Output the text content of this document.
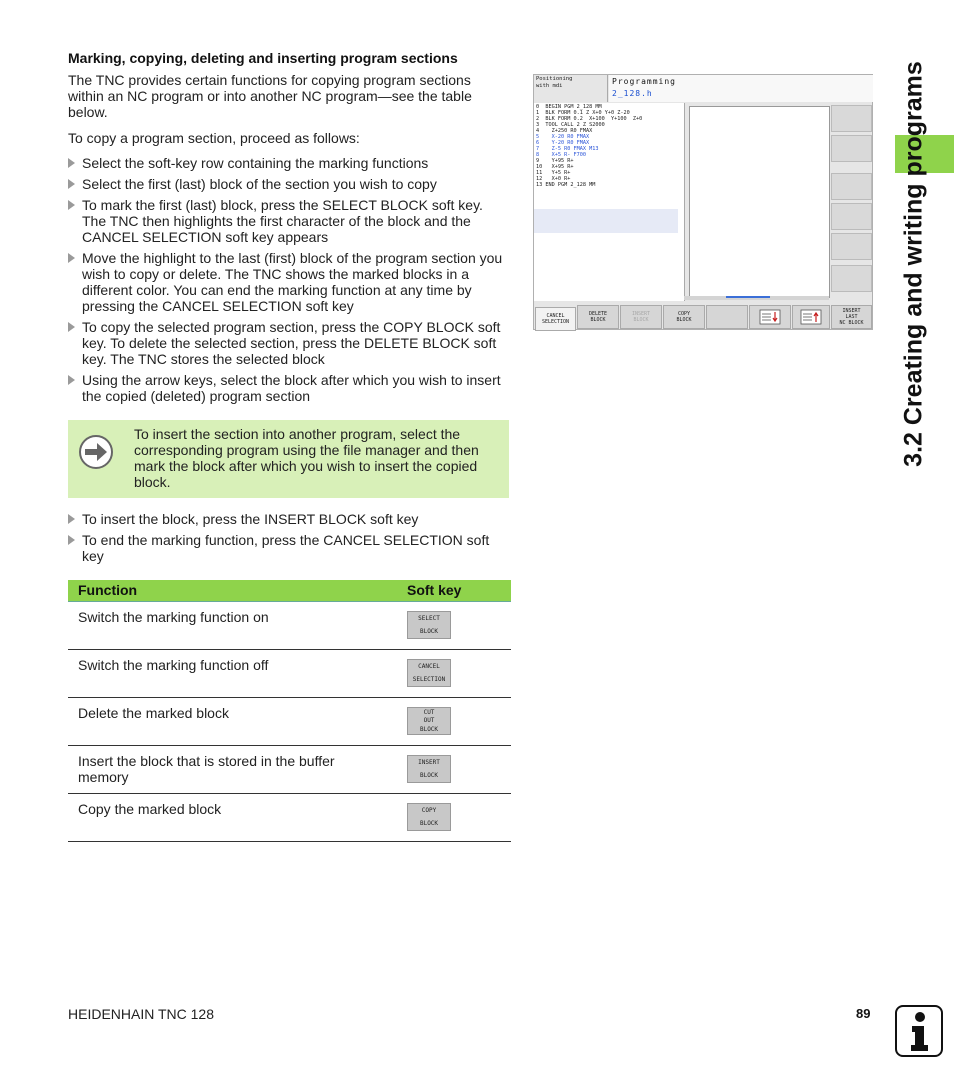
Marking, copying, deleting and inserting program sections
The TNC provides certain functions for copying program sections within an NC program or into another NC program—see the table below.
To copy a program section, proceed as follows:
Select the soft-key row containing the marking functions
Select the first (last) block of the section you wish to copy
To mark the first (last) block, press the SELECT BLOCK soft key. The TNC then highlights the first character of the block and the CANCEL SELECTION soft key appears
Move the highlight to the last (first) block of the program section you wish to copy or delete. The TNC shows the marked blocks in a different color. You can end the marking function at any time by pressing the CANCEL SELECTION soft key
To copy the selected program section, press the COPY BLOCK soft key. To delete the selected section, press the DELETE BLOCK soft key. The TNC stores the selected block
Using the arrow keys, select the block after which you wish to insert the copied (deleted) program section
To insert the section into another program, select the corresponding program using the file manager and then mark the block after which you wish to insert the copied block.
To insert the block, press the INSERT BLOCK soft key
To end the marking function, press the CANCEL SELECTION soft key
Function	Soft key
Switch the marking function on	SELECT
BLOCK
Switch the marking function off	CANCEL
SELECTION
Delete the marked block	CUT
OUT
BLOCK
Insert the block that is stored in the buffer memory
INSERT
BLOCK
Copy the marked block	COPY
BLOCK
Positioning
with mdi	Programming
2_128.h
0  BEGIN PGM 2_128 MM
1  BLK FORM 0.1 Z X+0 Y+0 Z-20
2  BLK FORM 0.2  X+100  Y+100  Z+0
3  TOOL CALL 2 Z S2000
4    Z+250 R0 FMAX
5    X-20 R0 FMAX
6    Y-20 R0 FMAX
7    Z-5 R0 FMAX M13
8    X+5 R- F700
9    Y+95 R+
10   X+95 R+
11   Y+5 R+
12   X+0 R+
13 END PGM 2_128 MM
CANCEL
SELECTION
DELETE
BLOCK
INSERT
BLOCK
COPY
BLOCK
INSERT
LAST
NC BLOCK 3.2 Creating and writing programs
HEIDENHAIN TNC 128	89
